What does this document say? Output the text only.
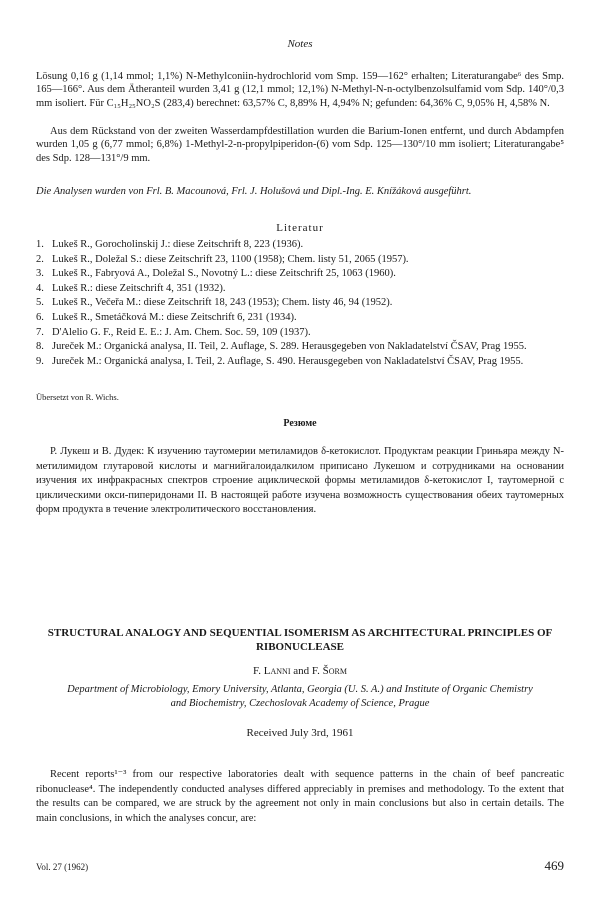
Notes
Lösung 0,16 g (1,14 mmol; 1,1%) N-Methylconiin-hydrochlorid vom Smp. 159—162° erhalten; Literaturangabe⁶ des Smp. 165—166°. Aus dem Ätheranteil wurden 3,41 g (12,1 mmol; 12,1%) N-Methyl-N-n-octylbenzolsulfamid vom Sdp. 140°/0,3 mm isoliert. Für C₁₅H₂₅NO₂S (283,4) berechnet: 63,57% C, 8,89% H, 4,94% N; gefunden: 64,36% C, 9,05% H, 4,58% N.
Aus dem Rückstand von der zweiten Wasserdampfdestillation wurden die Barium-Ionen entfernt, und durch Abdampfen wurden 1,05 g (6,77 mmol; 6,8%) 1-Methyl-2-n-propylpiperidon-(6) vom Sdp. 125—130°/10 mm isoliert; Literaturangabe⁵ des Sdp. 128—131°/9 mm.
Die Analysen wurden von Frl. B. Macounová, Frl. J. Holušová und Dipl.-Ing. E. Knížáková ausgeführt.
Literatur
1. Lukeš R., Gorocholinskij J.: diese Zeitschrift 8, 223 (1936).
2. Lukeš R., Doležal S.: diese Zeitschrift 23, 1100 (1958); Chem. listy 51, 2065 (1957).
3. Lukeš R., Fabryová A., Doležal S., Novotný L.: diese Zeitschrift 25, 1063 (1960).
4. Lukeš R.: diese Zeitschrift 4, 351 (1932).
5. Lukeš R., Večeřa M.: diese Zeitschrift 18, 243 (1953); Chem. listy 46, 94 (1952).
6. Lukeš R., Smetáčková M.: diese Zeitschrift 6, 231 (1934).
7. D'Alelio G. F., Reid E. E.: J. Am. Chem. Soc. 59, 109 (1937).
8. Jureček M.: Organická analysa, II. Teil, 2. Auflage, S. 289. Herausgegeben von Nakladatelství ČSAV, Prag 1955.
9. Jureček M.: Organická analysa, I. Teil, 2. Auflage, S. 490. Herausgegeben von Nakladatelství ČSAV, Prag 1955.
Übersetzt von R. Wichs.
Резюме
Р. Лукеш и В. Дудек: К изучению таутомерии метиламидов δ-кетокислот. Продуктам реакции Гриньяра между N-метилимидом глутаровой кислоты и магнийгалоидалкилом приписано Лукешом и сотрудниками на основании изучения их инфракрасных спектров строение ациклической формы метиламидов δ-кетокислот I, таутомерной с циклическими окси-пиперидонами II. В настоящей работе изучена возможность существования обеих таутомерных форм продукта в течение электролитического восстановления.
STRUCTURAL ANALOGY AND SEQUENTIAL ISOMERISM AS ARCHITECTURAL PRINCIPLES OF RIBONUCLEASE
F. Lanni and F. Šorm
Department of Microbiology, Emory University, Atlanta, Georgia (U. S. A.) and Institute of Organic Chemistry and Biochemistry, Czechoslovak Academy of Science, Prague
Received July 3rd, 1961
Recent reports¹⁻³ from our respective laboratories dealt with sequence patterns in the chain of beef pancreatic ribonuclease⁴. The independently conducted analyses differed appreciably in premises and methodology. To the extent that the results can be compared, we are struck by the agreement not only in main conclusions but also in certain details. The main conclusions, in which the analyses concur, are:
Vol. 27 (1962)	469
